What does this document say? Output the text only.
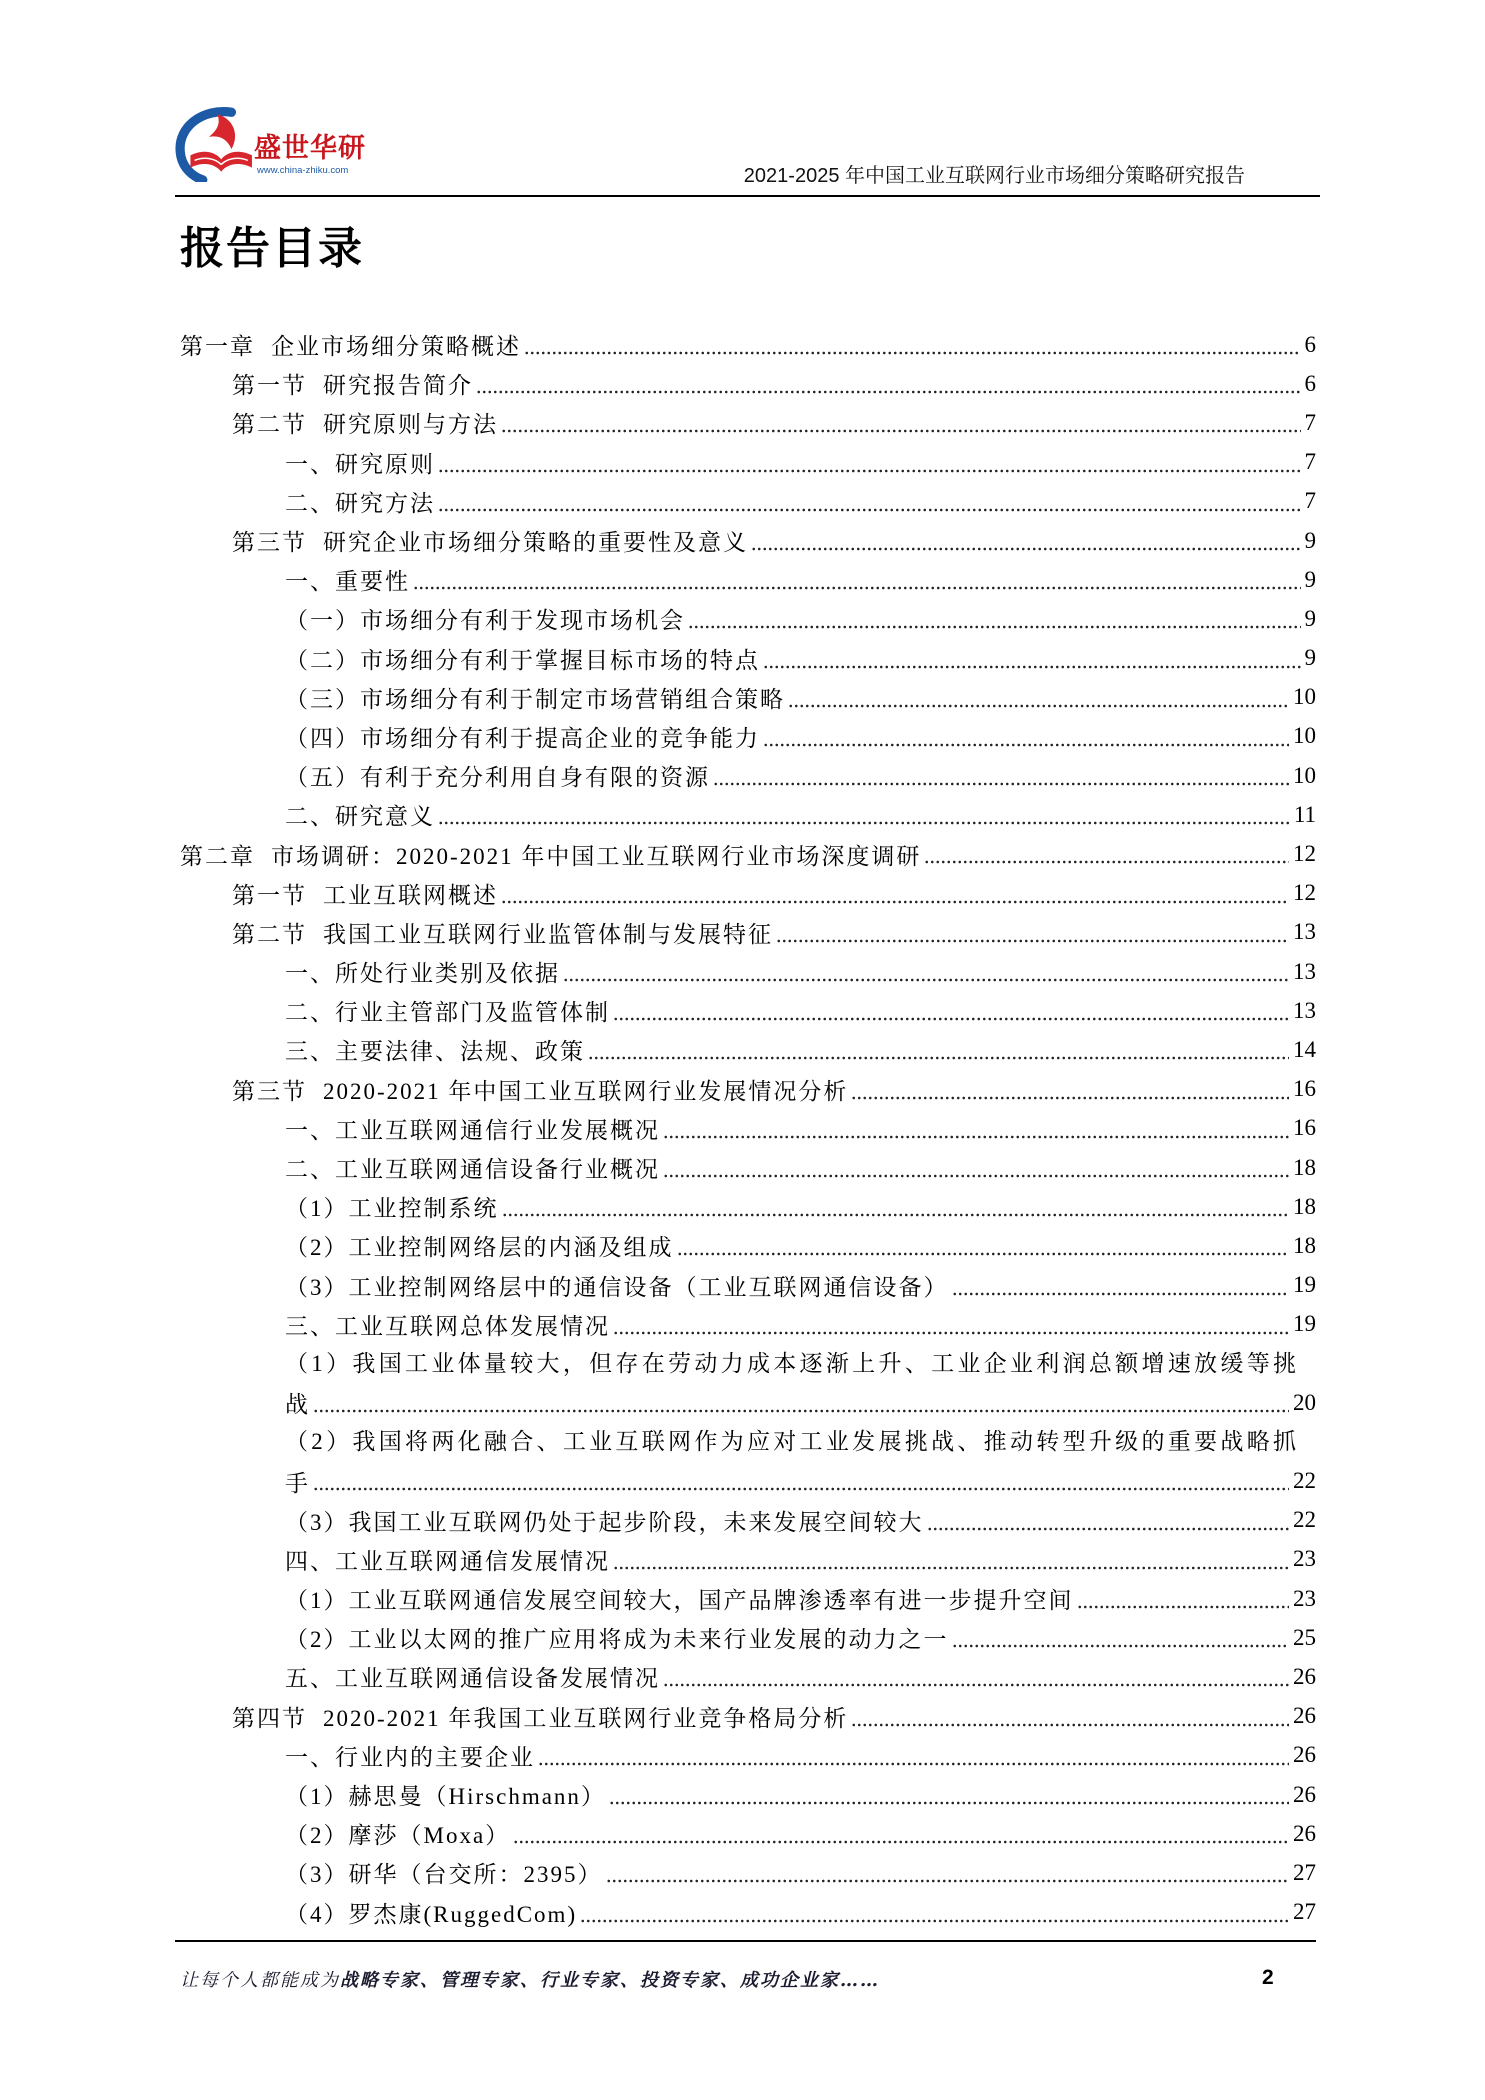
盛世华研
www.china-zhiku.com	2021-2025 年中国工业互联网行业市场细分策略研究报告
报告目录
第一章 企业市场细分策略概述	6
第一节 研究报告简介	6
第二节 研究原则与方法	7
一、研究原则	7
二、研究方法	7
第三节 研究企业市场细分策略的重要性及意义	9
一、重要性	9
（一）市场细分有利于发现市场机会	9
（二）市场细分有利于掌握目标市场的特点	9
（三）市场细分有利于制定市场营销组合策略	10
（四）市场细分有利于提高企业的竞争能力	10
（五）有利于充分利用自身有限的资源	10
二、研究意义	11
第二章 市场调研：2020-2021 年中国工业互联网行业市场深度调研	12
第一节 工业互联网概述	12
第二节 我国工业互联网行业监管体制与发展特征	13
一、所处行业类别及依据	13
二、行业主管部门及监管体制	13
三、主要法律、法规、政策	14
第三节 2020-2021 年中国工业互联网行业发展情况分析	16
一、工业互联网通信行业发展概况	16
二、工业互联网通信设备行业概况	18
（1）工业控制系统	18
（2）工业控制网络层的内涵及组成	18
（3）工业控制网络层中的通信设备（工业互联网通信设备）	19
三、工业互联网总体发展情况	19
（1）我国工业体量较大，但存在劳动力成本逐渐上升、工业企业利润总额增速放缓等挑
战	20
（2）我国将两化融合、工业互联网作为应对工业发展挑战、推动转型升级的重要战略抓
手	22
（3）我国工业互联网仍处于起步阶段，未来发展空间较大	22
四、工业互联网通信发展情况	23
（1）工业互联网通信发展空间较大，国产品牌渗透率有进一步提升空间	23
（2）工业以太网的推广应用将成为未来行业发展的动力之一	25
五、工业互联网通信设备发展情况	26
第四节 2020-2021 年我国工业互联网行业竞争格局分析	26
一、行业内的主要企业	26
（1）赫思曼（Hirschmann）	26
（2）摩莎（Moxa）	26
（3）研华（台交所：2395）	27
（4）罗杰康(RuggedCom)	27
让每个人都能成为战略专家、管理专家、行业专家、投资专家、成功企业家……	2
